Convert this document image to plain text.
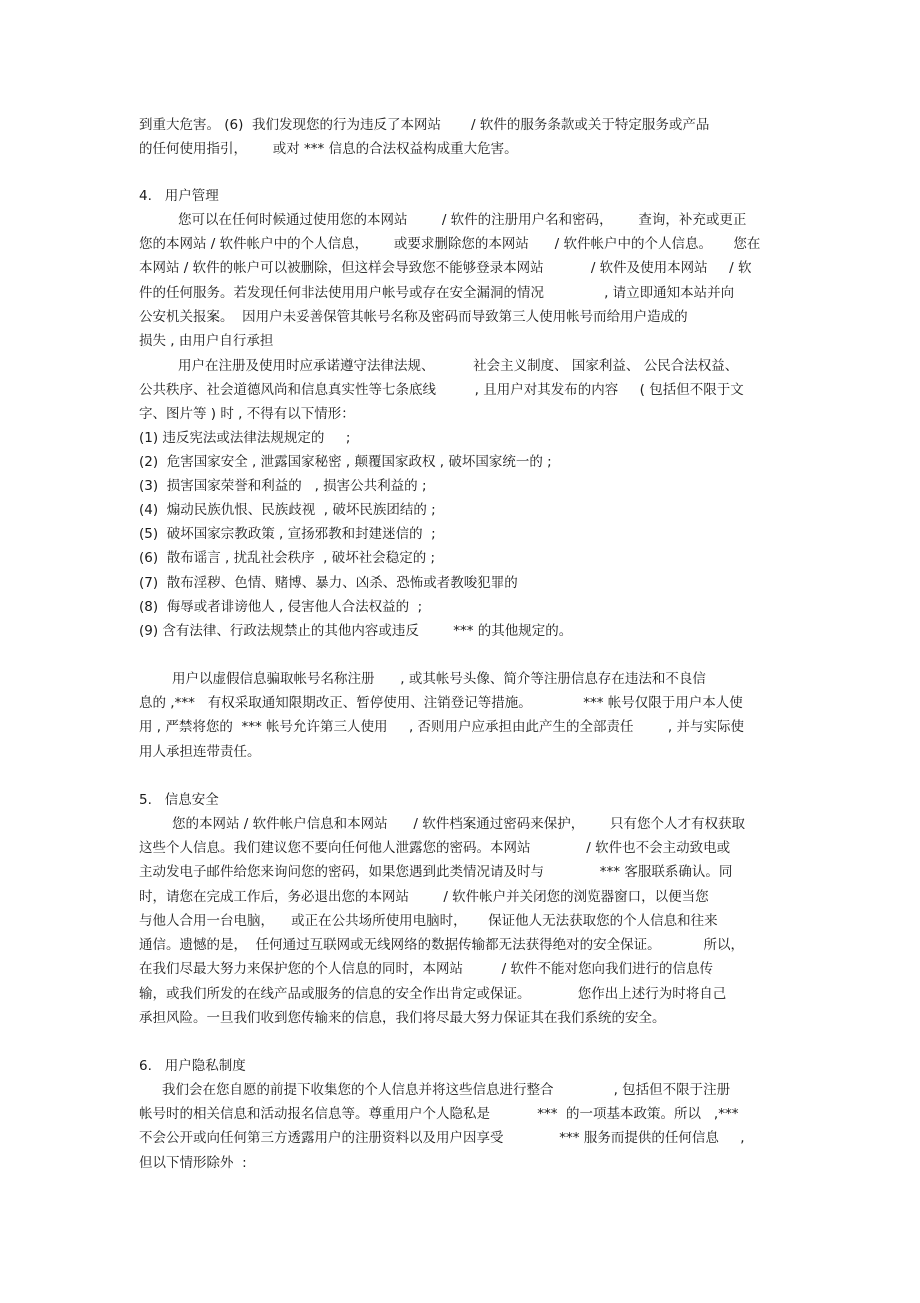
到重大危害。 (6)  我们发现您的行为违反了本网站       / 软件的服务条款或关于特定服务或产品
的任何使用指引，      或对 *** 信息的合法权益构成重大危害。
4.   用户管理
您可以在任何时候通过使用您的本网站        / 软件的注册用户名和密码，      查询，补充或更正
您的本网站 / 软件帐户中的个人信息，      或要求删除您的本网站      / 软件帐户中的个人信息。     您在
本网站 / 软件的帐户可以被删除，但这样会导致您不能够登录本网站           / 软件及使用本网站     / 软
件的任何服务。若发现任何非法使用用户帐号或存在安全漏洞的情况              , 请立即通知本站并向
公安机关报案。  因用户未妥善保管其帐号名称及密码而导致第三人使用帐号而给用户造成的
损失 , 由用户自行承担
用户在注册及使用时应承诺遵守法律法规、         社会主义制度、 国家利益、 公民合法权益、
公共秩序、社会道德风尚和信息真实性等七条底线         , 且用户对其发布的内容     ( 包括但不限于文
字、图片等 ) 时 , 不得有以下情形：
(1) 违反宪法或法律法规规定的     ;
(2)  危害国家安全 , 泄露国家秘密 , 颠覆国家政权 , 破坏国家统一的 ;
(3)  损害国家荣誉和利益的   , 损害公共利益的 ;
(4)  煽动民族仇恨、民族歧视  , 破坏民族团结的 ;
(5)  破坏国家宗教政策 , 宣扬邪教和封建迷信的  ;
(6)  散布谣言 , 扰乱社会秩序  , 破坏社会稳定的 ;
(7)  散布淫秽、色情、赌博、暴力、凶杀、恐怖或者教唆犯罪的
(8)  侮辱或者诽谤他人 , 侵害他人合法权益的  ;
(9) 含有法律、行政法规禁止的其他内容或违反        *** 的其他规定的。
用户以虚假信息骗取帐号名称注册      , 或其帐号头像、简介等注册信息存在违法和不良信
息的 ,***   有权采取通知限期改正、暂停使用、注销登记等措施。            *** 帐号仅限于用户本人使
用 , 严禁将您的  *** 帐号允许第三人使用     , 否则用户应承担由此产生的全部责任        , 并与实际使
用人承担连带责任。
5.   信息安全
您的本网站 / 软件帐户信息和本网站      / 软件档案通过密码来保护，      只有您个人才有权获取
这些个人信息。我们建议您不要向任何他人泄露您的密码。本网站             / 软件也不会主动致电或
主动发电子邮件给您来询问您的密码，如果您遇到此类情况请及时与             *** 客服联系确认。同
时，请您在完成工作后，务必退出您的本网站        / 软件帐户并关闭您的浏览器窗口，以便当您
与他人合用一台电脑，    或正在公共场所使用电脑时，     保证他人无法获取您的个人信息和往来
通信。遗憾的是，  任何通过互联网或无线网络的数据传输都无法获得绝对的安全保证。          所以，
在我们尽最大努力来保护您的个人信息的同时，本网站         / 软件不能对您向我们进行的信息传
输，或我们所发的在线产品或服务的信息的安全作出肯定或保证。           您作出上述行为时将自己
承担风险。一旦我们收到您传输来的信息，我们将尽最大努力保证其在我们系统的安全。
6.   用户隐私制度
我们会在您自愿的前提下收集您的个人信息并将这些信息进行整合              , 包括但不限于注册
帐号时的相关信息和活动报名信息等。尊重用户个人隐私是           ***  的一项基本政策。所以   ,***
不会公开或向任何第三方透露用户的注册资料以及用户因享受             *** 服务而提供的任何信息     ,
但以下情形除外  :
